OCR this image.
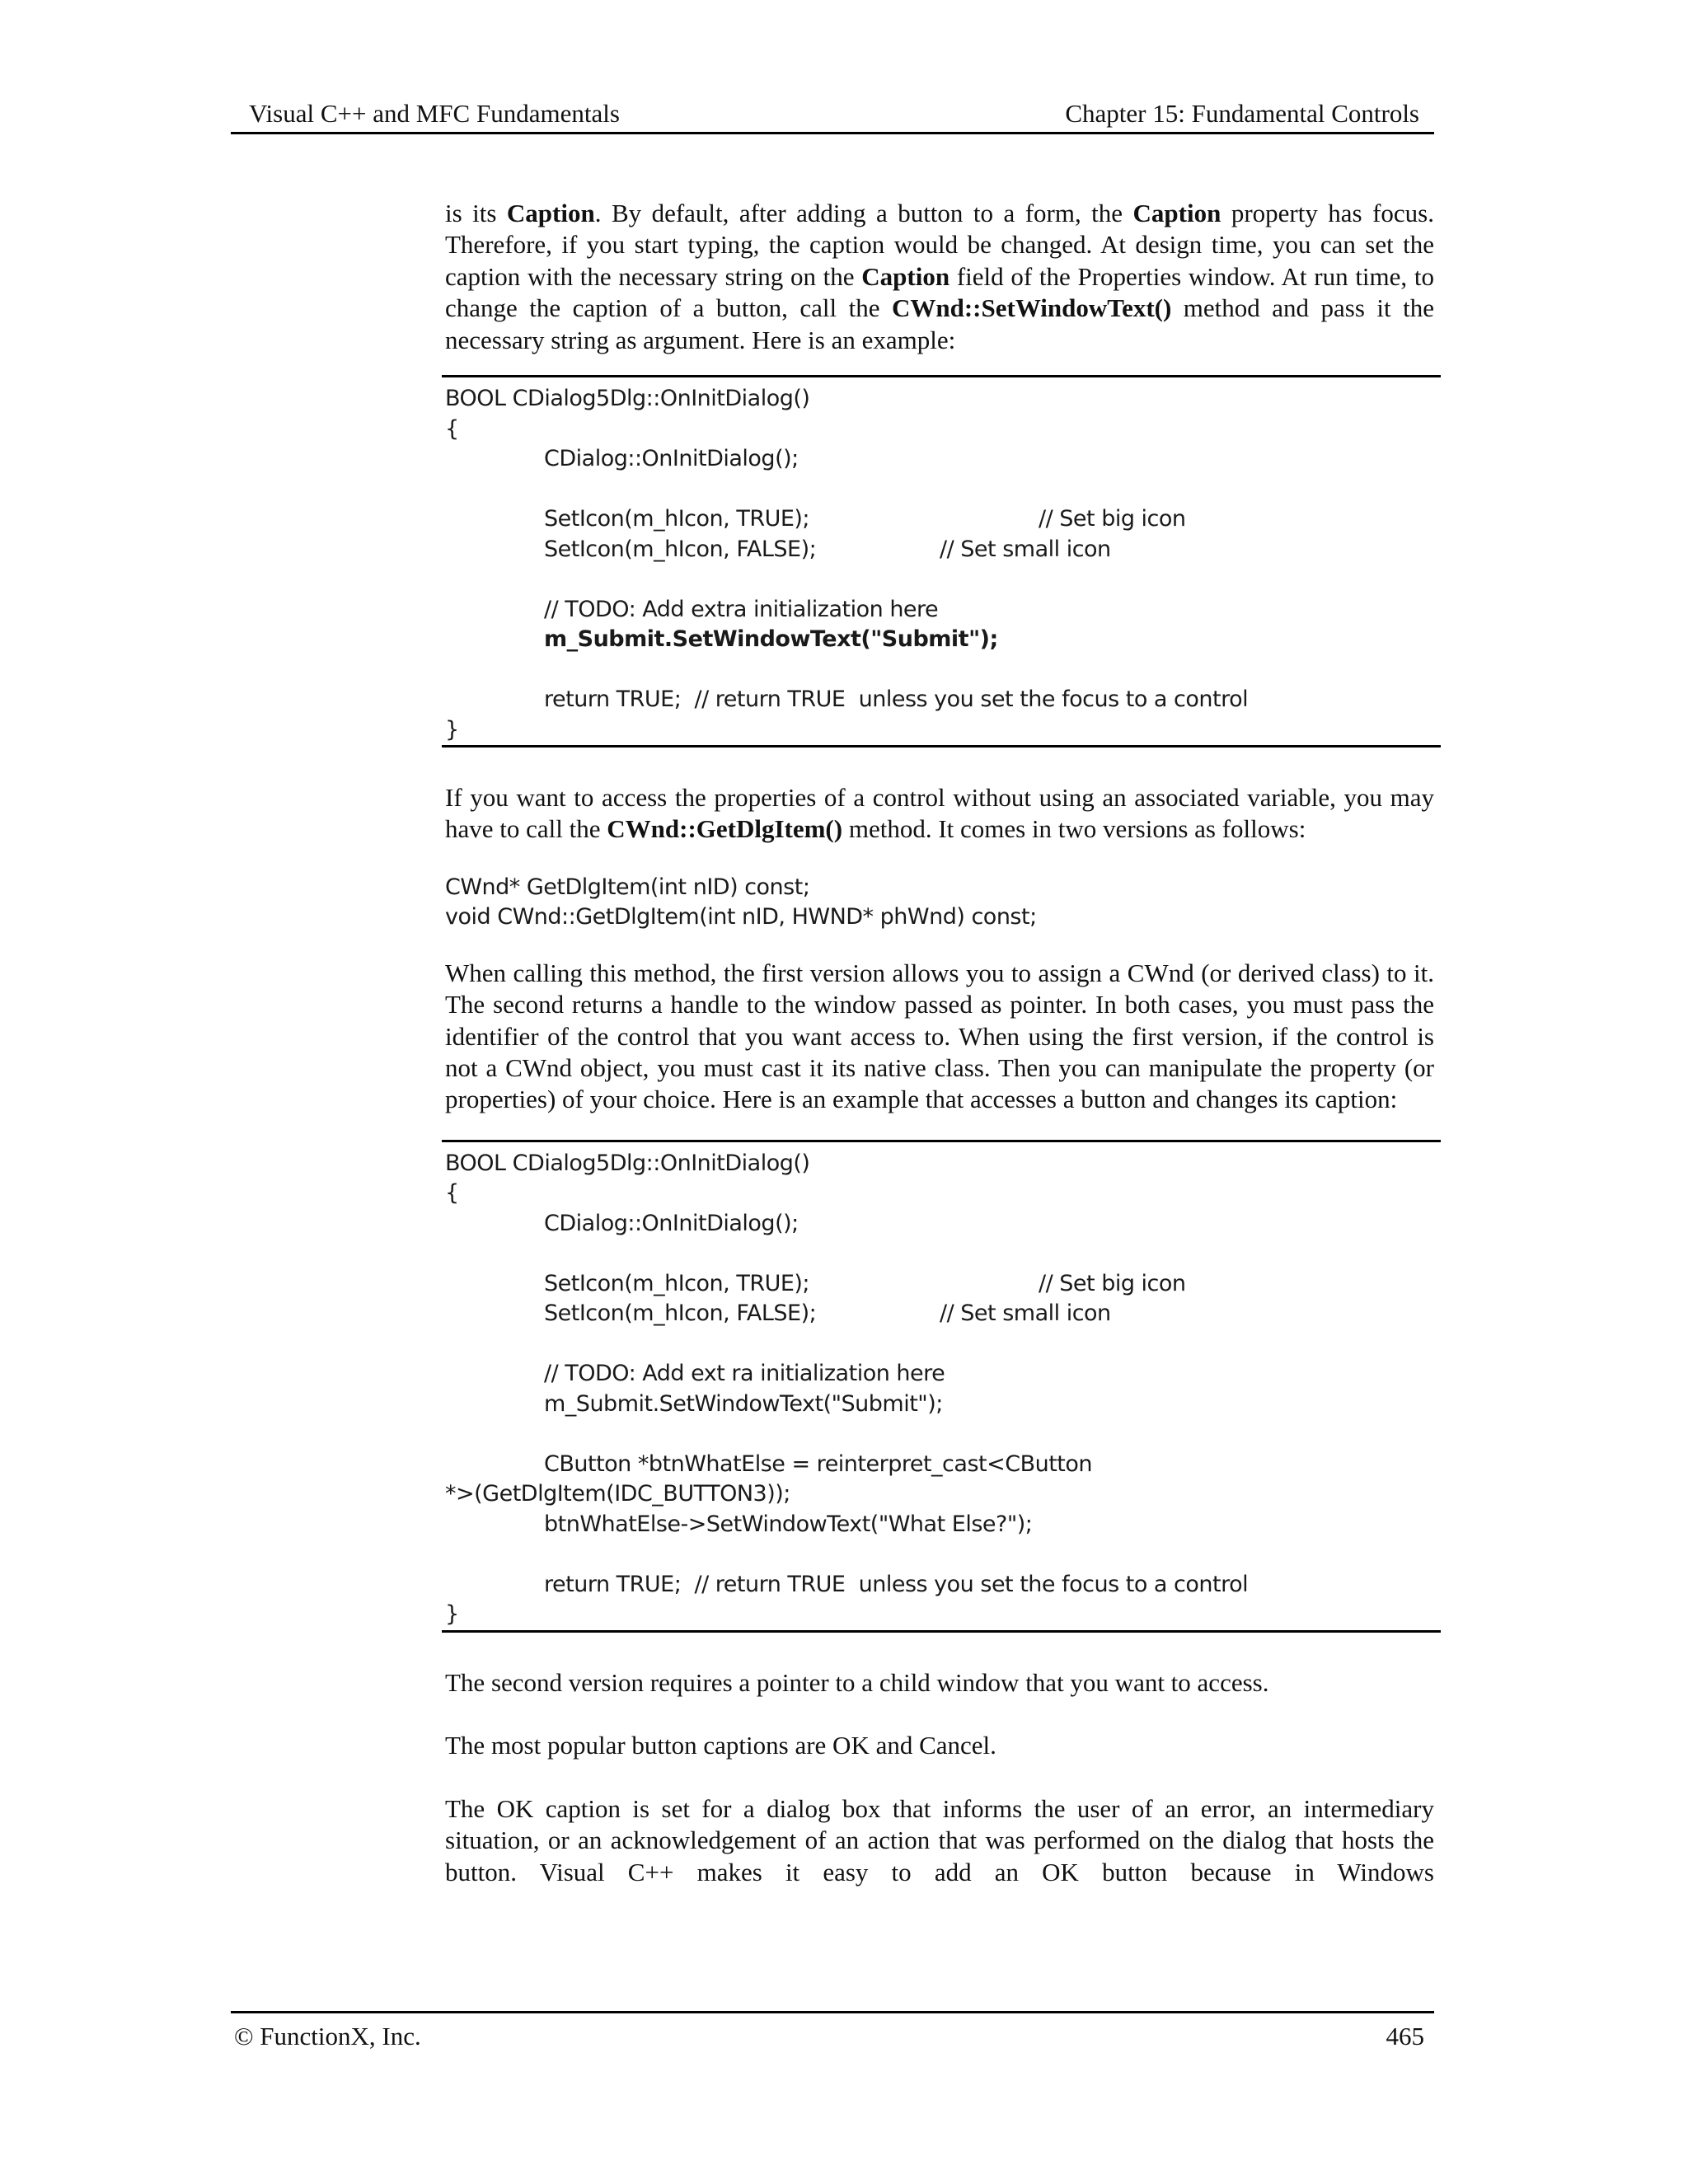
Visual C++ and MFC Fundamentals	Chapter 15: Fundamental Controls

is its Caption. By default, after adding a button to a form, the Caption property has focus. Therefore, if you start typing, the caption would be changed. At design time, you can set the caption with the necessary string on the Caption field of the Properties window. At run time, to change the caption of a button, call the CWnd::SetWindowText() method and pass it the necessary string as argument. Here is an example:

BOOL CDialog5Dlg::OnInitDialog()
{
CDialog::OnInitDialog();
SetIcon(m_hIcon, TRUE);	// Set big icon
SetIcon(m_hIcon, FALSE);	// Set small icon
// TODO: Add extra initialization here
m_Submit.SetWindowText("Submit");
return TRUE;  // return TRUE  unless you set the focus to a control
}

If you want to access the properties of a control without using an associated variable, you may have to call the CWnd::GetDlgItem() method. It comes in two versions as follows:

CWnd* GetDlgItem(int nID) const;
void CWnd::GetDlgItem(int nID, HWND* phWnd) const;

When calling this method, the first version allows you to assign a CWnd (or derived class) to it. The second returns a handle to the window passed as pointer. In both cases, you must pass the identifier of the control that you want access to. When using the first version, if the control is not a CWnd object, you must cast it its native class. Then you can manipulate the property (or properties) of your choice. Here is an example that accesses a button and changes its caption:

BOOL CDialog5Dlg::OnInitDialog()
{
CDialog::OnInitDialog();
SetIcon(m_hIcon, TRUE);	// Set big icon
SetIcon(m_hIcon, FALSE);	// Set small icon
// TODO: Add ext ra initialization here
m_Submit.SetWindowText("Submit");
CButton *btnWhatElse = reinterpret_cast<CButton
*>(GetDlgItem(IDC_BUTTON3));
btnWhatElse->SetWindowText("What Else?");
return TRUE;  // return TRUE  unless you set the focus to a control
}

The second version requires a pointer to a child window that you want to access.

The most popular button captions are OK and Cancel.

The OK caption is set for a dialog box that informs the user of an error, an intermediary situation, or an acknowledgement of an action that was performed on the dialog that hosts the button. Visual C++ makes it easy to add an OK button because in Windows

© FunctionX, Inc.	465
